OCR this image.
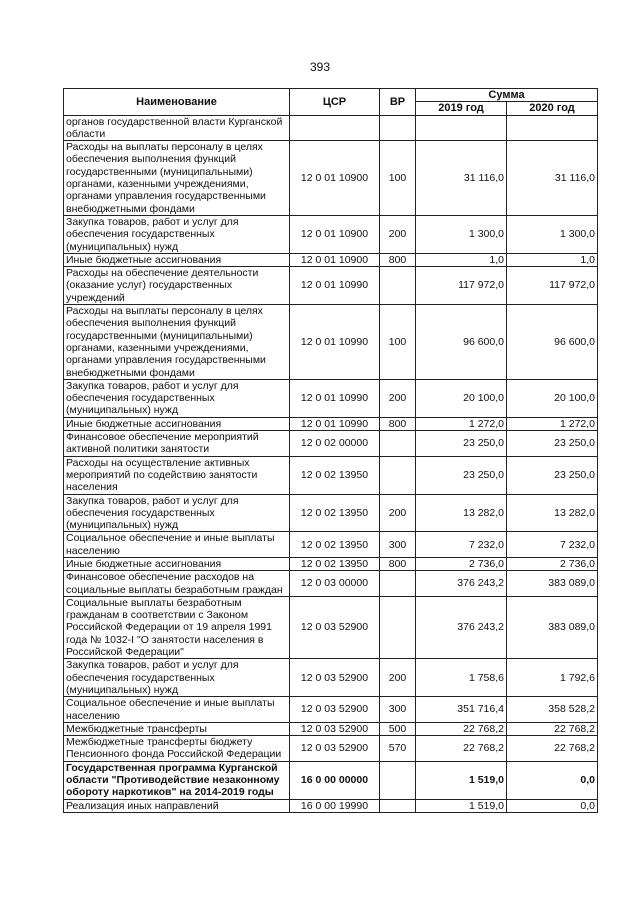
393
Наименование	ЦСР	ВР	Сумма	
			2019 год	2020 год
органов государственной власти Курганской области				
Расходы на выплаты персоналу в целях обеспечения выполнения функций государственными (муниципальными) органами, казенными учреждениями, органами управления государственными внебюджетными фондами	12 0 01 10900	100	31 116,0	31 116,0
Закупка товаров, работ и услуг для обеспечения государственных (муниципальных) нужд	12 0 01 10900	200	1 300,0	1 300,0
Иные бюджетные ассигнования	12 0 01 10900	800	1,0	1,0
Расходы на обеспечение деятельности (оказание услуг) государственных учреждений	12 0 01 10990		117 972,0	117 972,0
Расходы на выплаты персоналу в целях обеспечения выполнения функций государственными (муниципальными) органами, казенными учреждениями, органами управления государственными внебюджетными фондами	12 0 01 10990	100	96 600,0	96 600,0
Закупка товаров, работ и услуг для обеспечения государственных (муниципальных) нужд	12 0 01 10990	200	20 100,0	20 100,0
Иные бюджетные ассигнования	12 0 01 10990	800	1 272,0	1 272,0
Финансовое обеспечение мероприятий активной политики занятости	12 0 02 00000		23 250,0	23 250,0
Расходы на осуществление активных мероприятий по содействию занятости населения	12 0 02 13950		23 250,0	23 250,0
Закупка товаров, работ и услуг для обеспечения государственных (муниципальных) нужд	12 0 02 13950	200	13 282,0	13 282,0
Социальное обеспечение и иные выплаты населению	12 0 02 13950	300	7 232,0	7 232,0
Иные бюджетные ассигнования	12 0 02 13950	800	2 736,0	2 736,0
Финансовое обеспечение расходов на социальные выплаты безработным граждан	12 0 03 00000		376 243,2	383 089,0
Социальные выплаты безработным гражданам в соответствии с Законом Российской Федерации от 19 апреля 1991 года № 1032-I "О занятости населения в Российской Федерации"	12 0 03 52900		376 243,2	383 089,0
Закупка товаров, работ и услуг для обеспечения государственных (муниципальных) нужд	12 0 03 52900	200	1 758,6	1 792,6
Социальное обеспечение и иные выплаты населению	12 0 03 52900	300	351 716,4	358 528,2
Межбюджетные трансферты	12 0 03 52900	500	22 768,2	22 768,2
Межбюджетные трансферты бюджету Пенсионного фонда Российской Федерации	12 0 03 52900	570	22 768,2	22 768,2
Государственная программа Курганской области "Противодействие незаконному обороту наркотиков" на 2014-2019 годы	16 0 00 00000		1 519,0	0,0
Реализация иных направлений	16 0 00 19990		1 519,0	0,0
